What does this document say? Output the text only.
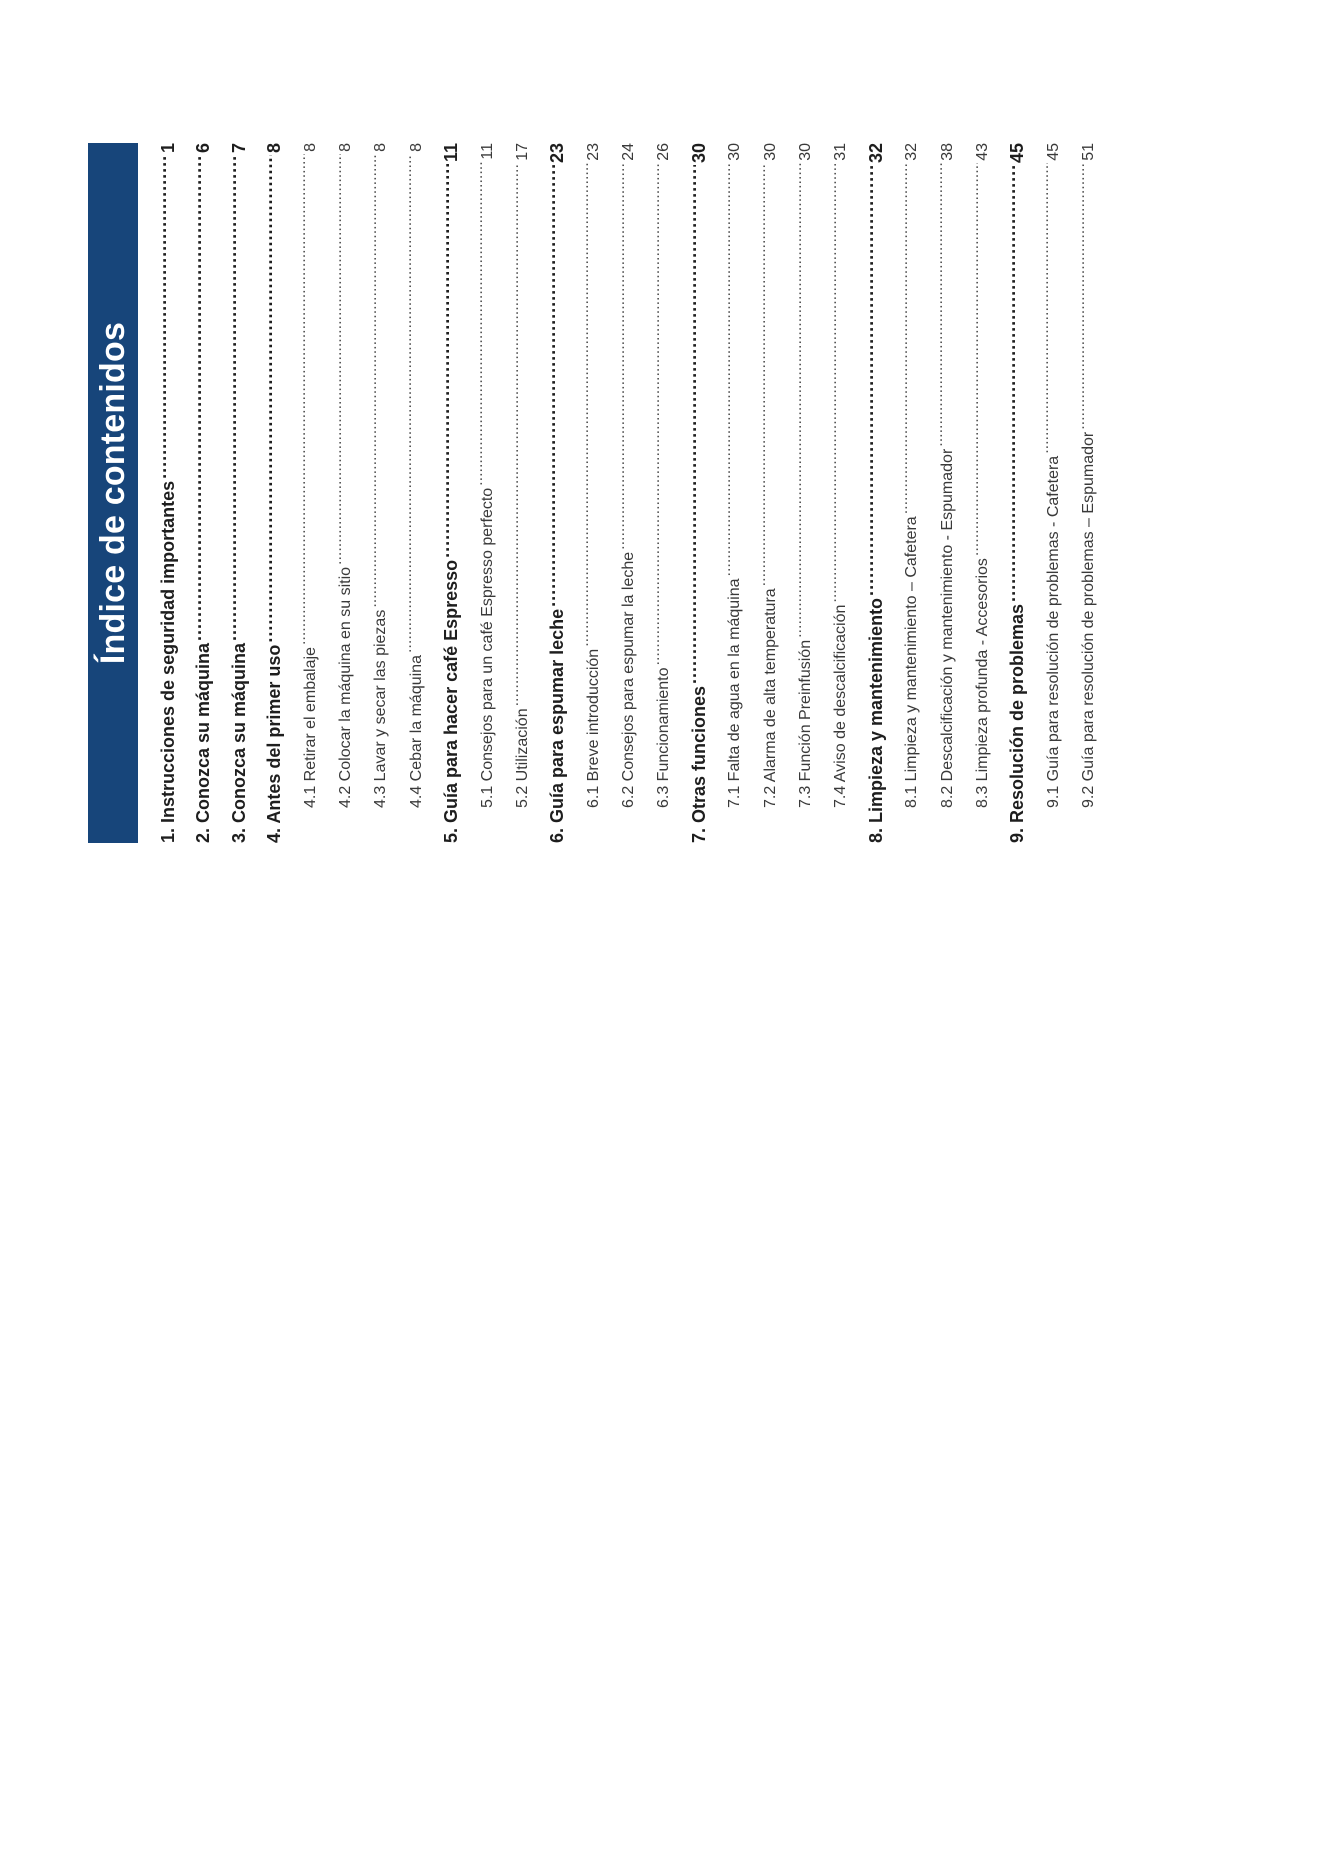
Índice de contenidos	1. Instrucciones de seguridad importantes
.....
1
2. Conozca su máquina
.....
6
3. Conozca su máquina
.....
7
4. Antes del primer uso
.....
8
4.1 Retirar el embalaje
.....
8
4.2 Colocar la máquina en su sitio
.....
8
4.3 Lavar y secar las piezas
.....
8
4.4 Cebar la máquina
.....
8
5. Guía para hacer café Espresso
.....
11
5.1 Consejos para un café Espresso perfecto
.....
11
5.2 Utilización
.....
17
6. Guía para espumar leche
.....
23
6.1 Breve introducción
.....
23
6.2 Consejos para espumar la leche
.....
24
6.3 Funcionamiento
.....
26
7. Otras funciones
.....
30
7.1 Falta de agua en la máquina
.....
30
7.2 Alarma de alta temperatura
.....
30
7.3 Función Preinfusión
.....
30
7.4 Aviso de descalcificación
.....
31
8. Limpieza y mantenimiento
.....
32
8.1 Limpieza y mantenimiento – Cafetera
.....
32
8.2 Descalcificación y mantenimiento - Espumador
.....
38
8.3 Limpieza profunda - Accesorios
.....
43
9. Resolución de problemas
.....
45
9.1 Guía para resolución de problemas - Cafetera
.....
45
9.2 Guía para resolución de problemas – Espumador
.....
51
